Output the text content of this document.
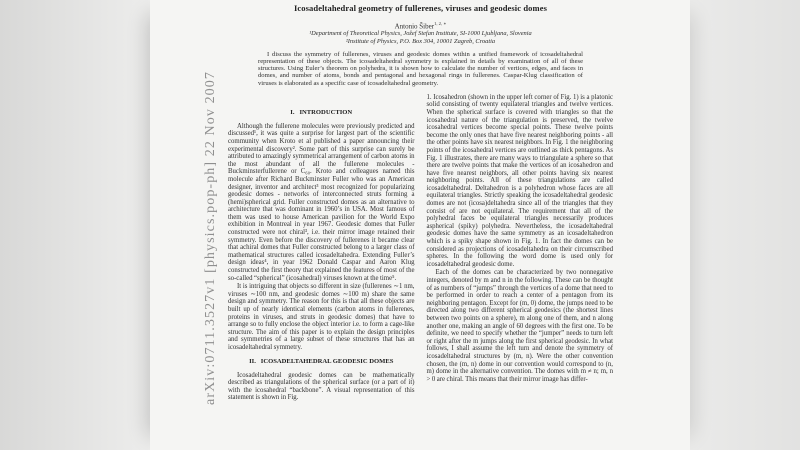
arXiv:0711.3527v1 [physics.pop-ph] 22 Nov 2007
Icosadeltahedral geometry of fullerenes, viruses and geodesic domes
Antonio Šiber$^{1, 2, ∗}$
¹Department of Theoretical Physics, Jožef Stefan Institute, SI-1000 Ljubljana, Slovenia
²Institute of Physics, P.O. Box 304, 10001 Zagreb, Croatia

I discuss the symmetry of fullerenes, viruses and geodesic domes within a unified framework of icosadeltahedral representation of these objects. The icosadeltahedral symmetry is explained in details by examination of all of these structures. Using Euler’s theorem on polyhedra, it is shown how to calculate the number of vertices, edges, and faces in domes, and number of atoms, bonds and pentagonal and hexagonal rings in fullerenes. Caspar-Klug classification of viruses is elaborated as a specific case of icosadeltahedral geometry.

I.   INTRODUCTION

Although the fullerene molecules were previously predicted and discussed¹, it was quite a surprise for largest part of the scientific community when Kroto et al published a paper announcing their experimental discovery². Some part of this surprise can surely be attributed to amazingly symmetrical arrangement of carbon atoms in the most abundant of all the fullerene molecules - Buckminsterfullerene or C₆₀. Kroto and colleagues named this molecule after Richard Buckminster Fuller who was an American designer, inventor and architect³ most recognized for popularizing geodesic domes - networks of interconnected struts forming a (hemi)spherical grid. Fuller constructed domes as an alternative to architecture that was dominant in 1960’s in USA. Most famous of them was used to house American pavilion for the World Expo exhibition in Montreal in year 1967. Geodesic domes that Fuller constructed were not chiral³, i.e. their mirror image retained their symmetry. Even before the discovery of fullerenes it became clear that achiral domes that Fuller constructed belong to a larger class of mathematical structures called icosadeltahedra. Extending Fuller’s design ideas⁴, in year 1962 Donald Caspar and Aaron Klug constructed the first theory that explained the features of most of the so-called “spherical” (icosahedral) viruses known at the time⁵.

It is intriguing that objects so different in size (fullerenes ∼1 nm, viruses ∼100 nm, and geodesic domes ∼100 m) share the same design and symmetry. The reason for this is that all these objects are built up of nearly identical elements (carbon atoms in fullerenes, proteins in viruses, and struts in geodesic domes) that have to arrange so to fully enclose the object interior i.e. to form a cage-like structure. The aim of this paper is to explain the design principles and symmetries of a large subset of these structures that has an icosadeltahedral symmetry.

II.   ICOSADELTAHEDRAL GEODESIC DOMES

Icosadeltahedral geodesic domes can be mathematically described as triangulations of the spherical surface (or a part of it) with the icosahedral “backbone”. A visual representation of this statement is shown in Fig.

1. Icosahedron (shown in the upper left corner of Fig. 1) is a platonic solid consisting of twenty equilateral triangles and twelve vertices. When the spherical surface is covered with triangles so that the icosahedral nature of the triangulation is preserved, the twelve icosahedral vertices become special points. These twelve points become the only ones that have five nearest neighboring points - all the other points have six nearest neighbors. In Fig. 1 the neighboring points of the icosahedral vertices are outlined as thick pentagons. As Fig. 1 illustrates, there are many ways to triangulate a sphere so that there are twelve points that make the vertices of an icosahedron and have five nearest neighbors, all other points having six nearest neighboring points. All of these triangulations are called icosadeltahedral. Deltahedron is a polyhedron whose faces are all equilateral triangles. Strictly speaking the icosadeltahedral geodesic domes are not (icosa)deltahedra since all of the triangles that they consist of are not equilateral. The requirement that all of the polyhedral faces be equilateral triangles necessarily produces aspherical (spiky) polyhedra. Nevertheless, the icosadeltahedral geodesic domes have the same symmetry as an icosadeltahedron which is a spiky shape shown in Fig. 1. In fact the domes can be considered as projections of icosadeltahedra on their circumscribed spheres. In the following the word dome is used only for icosadeltahedral geodesic dome.

Each of the domes can be characterized by two nonnegative integers, denoted by m and n in the following. These can be thought of as numbers of “jumps” through the vertices of a dome that need to be performed in order to reach a center of a pentagon from its neighboring pentagon. Except for (m, 0) dome, the jumps need to be directed along two different spherical geodesics (the shortest lines between two points on a sphere), m along one of them, and n along another one, making an angle of 60 degrees with the first one. To be definite, we need to specify whether the “jumper” needs to turn left or right after the m jumps along the first spherical geodesic. In what follows, I shall assume the left turn and denote the symmetry of icosadeltahedral structures by (m, n). Were the other convention chosen, the (m, n) dome in our convention would correspond to (n, m) dome in the alternative convention. The domes with m ≠ n; m, n > 0 are chiral. This means that their mirror image has differ-
